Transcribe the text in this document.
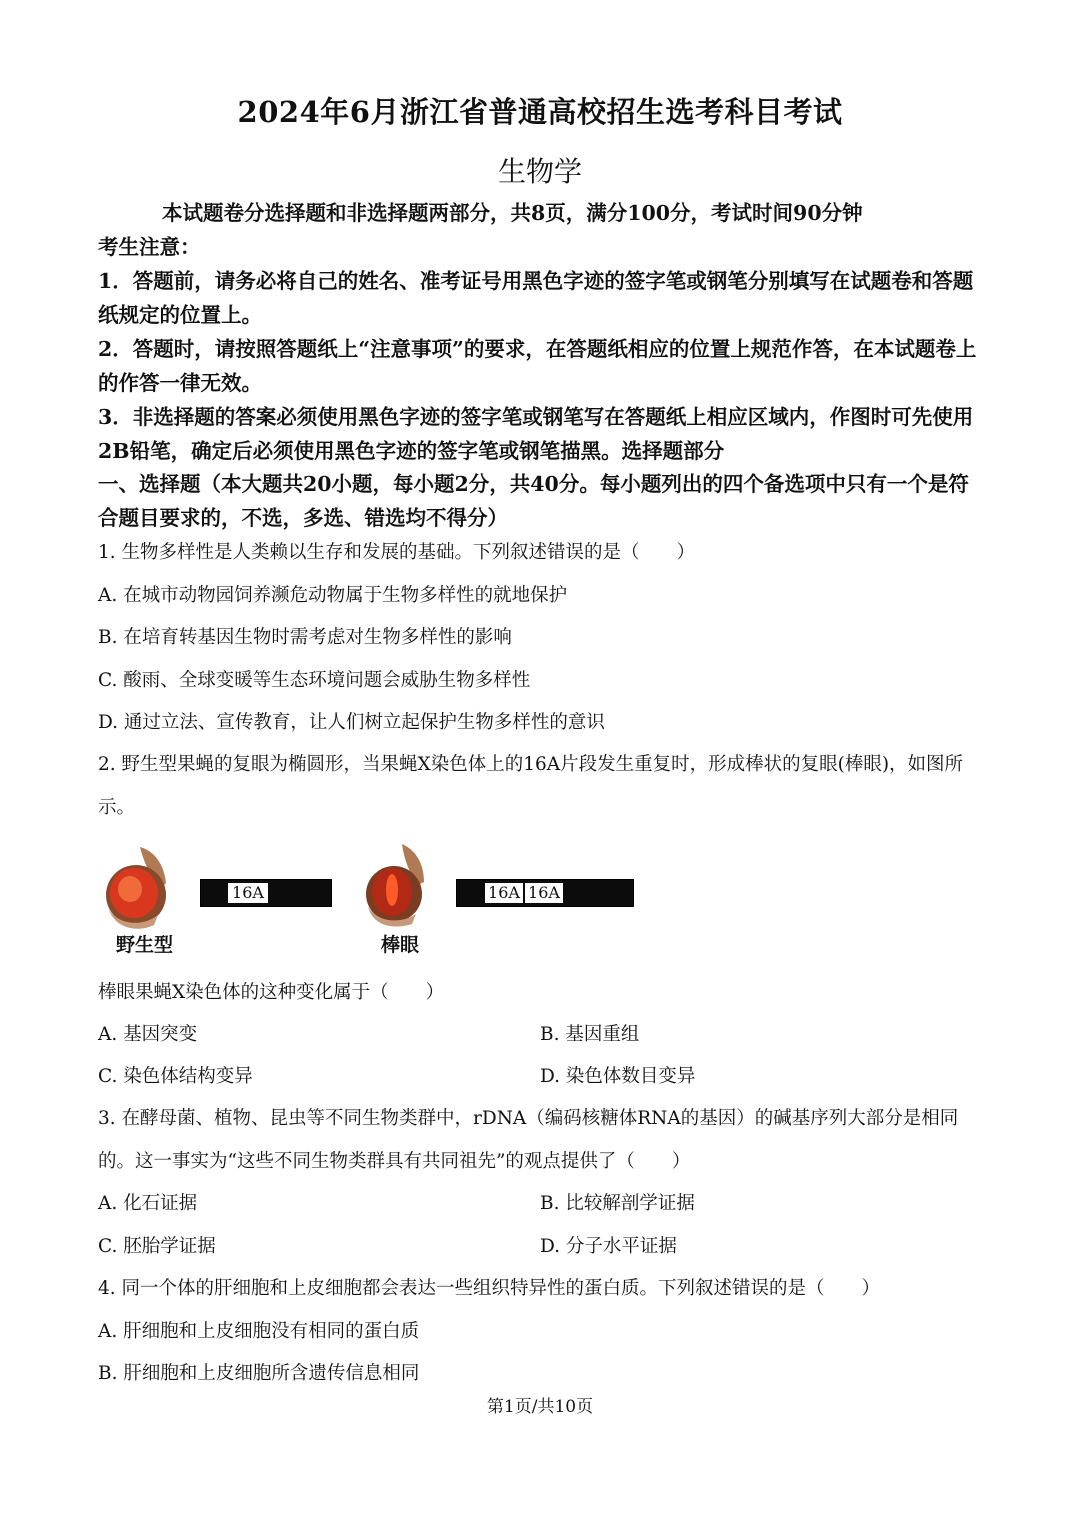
2024年6月浙江省普通高校招生选考科目考试
生物学
本试题卷分选择题和非选择题两部分，共8页，满分100分，考试时间90分钟
考生注意：
1．答题前，请务必将自己的姓名、准考证号用黑色字迹的签字笔或钢笔分别填写在试题卷和答题纸规定的位置上。
2．答题时，请按照答题纸上“注意事项”的要求，在答题纸相应的位置上规范作答，在本试题卷上的作答一律无效。
3．非选择题的答案必须使用黑色字迹的签字笔或钢笔写在答题纸上相应区域内，作图时可先使用2B铅笔，确定后必须使用黑色字迹的签字笔或钢笔描黑。选择题部分
一、选择题（本大题共20小题，每小题2分，共40分。每小题列出的四个备选项中只有一个是符合题目要求的，不选，多选、错选均不得分）
1. 生物多样性是人类赖以生存和发展的基础。下列叙述错误的是（　　）
A. 在城市动物园饲养濒危动物属于生物多样性的就地保护
B. 在培育转基因生物时需考虑对生物多样性的影响
C. 酸雨、全球变暖等生态环境问题会威胁生物多样性
D. 通过立法、宣传教育，让人们树立起保护生物多样性的意识
2. 野生型果蝇的复眼为椭圆形，当果蝇X染色体上的16A片段发生重复时，形成棒状的复眼(棒眼)，如图所示。
16A
野生型
16A 16A
棒眼
棒眼果蝇X染色体的这种变化属于（　　）
A. 基因突变	B. 基因重组
C. 染色体结构变异	D. 染色体数目变异
3. 在酵母菌、植物、昆虫等不同生物类群中，rDNA（编码核糖体RNA的基因）的碱基序列大部分是相同的。这一事实为“这些不同生物类群具有共同祖先”的观点提供了（　　）
A. 化石证据	B. 比较解剖学证据
C. 胚胎学证据	D. 分子水平证据
4. 同一个体的肝细胞和上皮细胞都会表达一些组织特异性的蛋白质。下列叙述错误的是（　　）
A. 肝细胞和上皮细胞没有相同的蛋白质
B. 肝细胞和上皮细胞所含遗传信息相同
第1页/共10页
